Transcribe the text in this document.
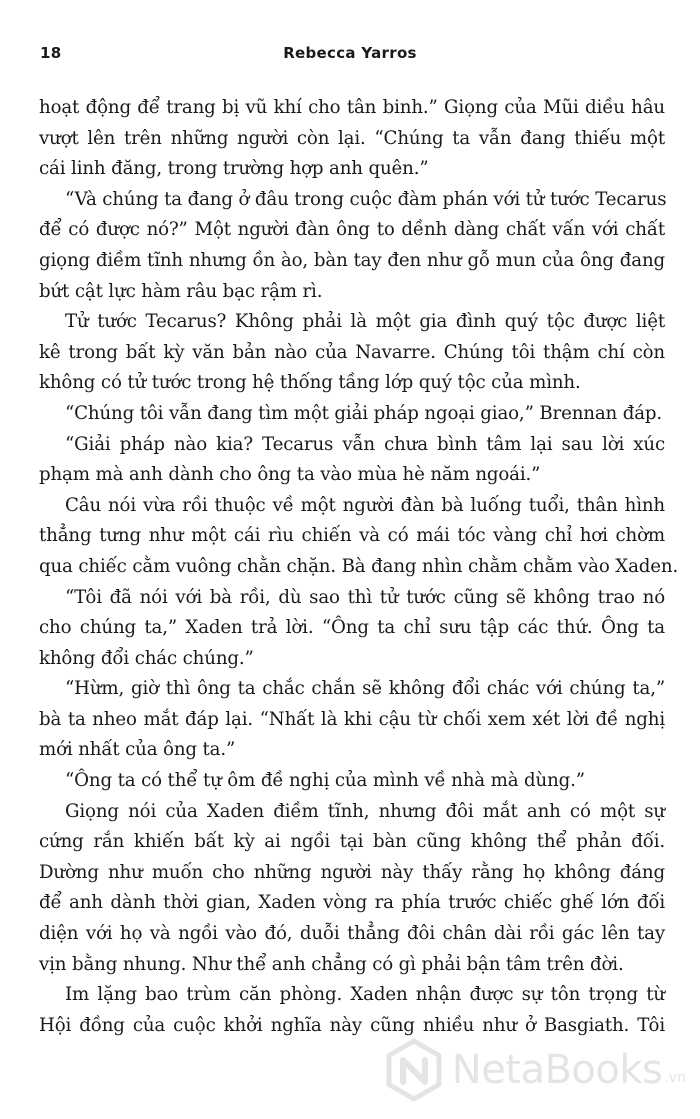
18	Rebecca Yarros
hoạt động để trang bị vũ khí cho tân binh.” Giọng của Mũi diều hâu
vượt lên trên những người còn lại. “Chúng ta vẫn đang thiếu một
cái linh đăng, trong trường hợp anh quên.”
“Và chúng ta đang ở đâu trong cuộc đàm phán với tử tước Tecarus
để có được nó?” Một người đàn ông to dềnh dàng chất vấn với chất
giọng điềm tĩnh nhưng ồn ào, bàn tay đen như gỗ mun của ông đang
bứt cật lực hàm râu bạc rậm rì.
Tử tước Tecarus? Không phải là một gia đình quý tộc được liệt
kê trong bất kỳ văn bản nào của Navarre. Chúng tôi thậm chí còn
không có tử tước trong hệ thống tầng lớp quý tộc của mình.
“Chúng tôi vẫn đang tìm một giải pháp ngoại giao,” Brennan đáp.
“Giải pháp nào kia? Tecarus vẫn chưa bình tâm lại sau lời xúc
phạm mà anh dành cho ông ta vào mùa hè năm ngoái.”
Câu nói vừa rồi thuộc về một người đàn bà luống tuổi, thân hình
thẳng tưng như một cái rìu chiến và có mái tóc vàng chỉ hơi chờm
qua chiếc cằm vuông chằn chặn. Bà đang nhìn chằm chằm vào Xaden.
“Tôi đã nói với bà rồi, dù sao thì tử tước cũng sẽ không trao nó
cho chúng ta,” Xaden trả lời. “Ông ta chỉ sưu tập các thứ. Ông ta
không đổi chác chúng.”
“Hừm, giờ thì ông ta chắc chắn sẽ không đổi chác với chúng ta,”
bà ta nheo mắt đáp lại. “Nhất là khi cậu từ chối xem xét lời đề nghị
mới nhất của ông ta.”
“Ông ta có thể tự ôm đề nghị của mình về nhà mà dùng.”
Giọng nói của Xaden điềm tĩnh, nhưng đôi mắt anh có một sự
cứng rắn khiến bất kỳ ai ngồi tại bàn cũng không thể phản đối.
Dường như muốn cho những người này thấy rằng họ không đáng
để anh dành thời gian, Xaden vòng ra phía trước chiếc ghế lớn đối
diện với họ và ngồi vào đó, duỗi thẳng đôi chân dài rồi gác lên tay
vịn bằng nhung. Như thể anh chẳng có gì phải bận tâm trên đời.
Im lặng bao trùm căn phòng. Xaden nhận được sự tôn trọng từ
Hội đồng của cuộc khởi nghĩa này cũng nhiều như ở Basgiath. Tôi
NetaBooks .vn
